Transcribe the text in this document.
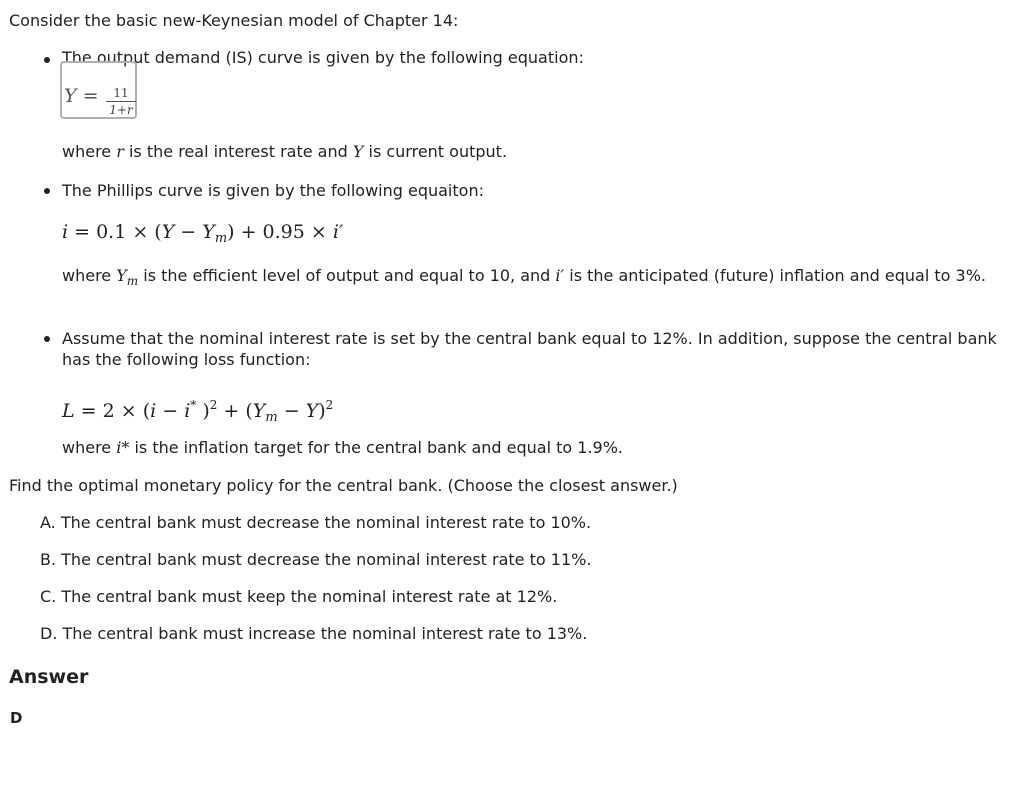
Consider the basic new-Keynesian model of Chapter 14:
The output demand (IS) curve is given by the following equation:
Y =	11
1+r
where r is the real interest rate and Y is current output.
The Phillips curve is given by the following equaiton:
$i = 0.1 \times (Y - Y_m) + 0.95 \times i'$
where $Y_m$ is the efficient level of output and equal to 10, and i′ is the anticipated (future) inflation and equal to 3%.
Assume that the nominal interest rate is set by the central bank equal to 12%. In addition, suppose the central bank has the following loss function:
L = 2 × (i − i* )$^2 + (Y_m - Y)^2$
where i* is the inflation target for the central bank and equal to 1.9%.
Find the optimal monetary policy for the central bank. (Choose the closest answer.)
A. The central bank must decrease the nominal interest rate to 10%.
B. The central bank must decrease the nominal interest rate to 11%.
C. The central bank must keep the nominal interest rate at 12%.
D. The central bank must increase the nominal interest rate to 13%.
Answer
D
